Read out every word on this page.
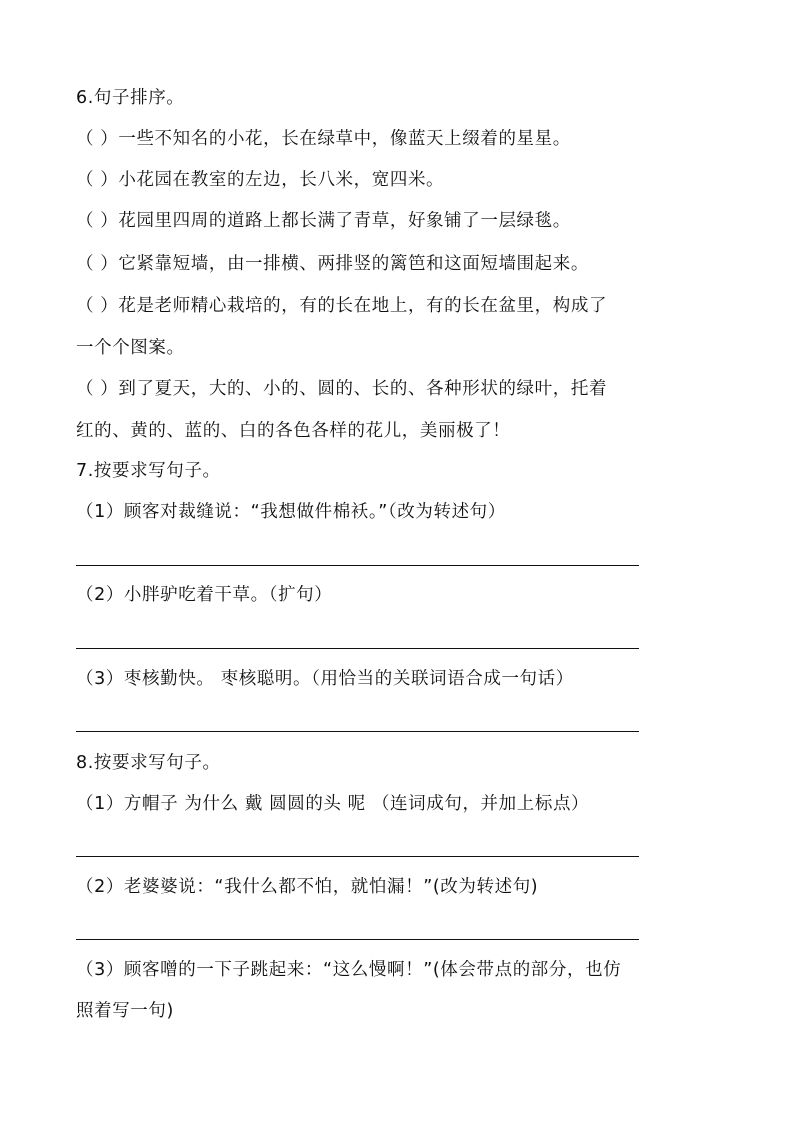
6.句子排序。
（ ）一些不知名的小花，长在绿草中，像蓝天上缀着的星星。
（ ）小花园在教室的左边，长八米，宽四米。
（ ）花园里四周的道路上都长满了青草，好象铺了一层绿毯。
（ ）它紧靠短墙，由一排横、两排竖的篱笆和这面短墙围起来。
（ ）花是老师精心栽培的，有的长在地上，有的长在盆里，构成了
一个个图案。
（ ）到了夏天，大的、小的、圆的、长的、各种形状的绿叶，托着
红的、黄的、蓝的、白的各色各样的花儿，美丽极了！
7.按要求写句子。
（1）顾客对裁缝说：“我想做件棉袄。”（改为转述句）
（2）小胖驴吃着干草。（扩句）
（3）枣核勤快。 枣核聪明。（用恰当的关联词语合成一句话）
8.按要求写句子。
（1）方帽子 为什么 戴 圆圆的头 呢 （连词成句，并加上标点）
（2）老婆婆说：“我什么都不怕，就怕漏！”(改为转述句)
（3）顾客噌的一下子跳起来：“这么慢啊！”(体会带点的部分，也仿
照着写一句)
